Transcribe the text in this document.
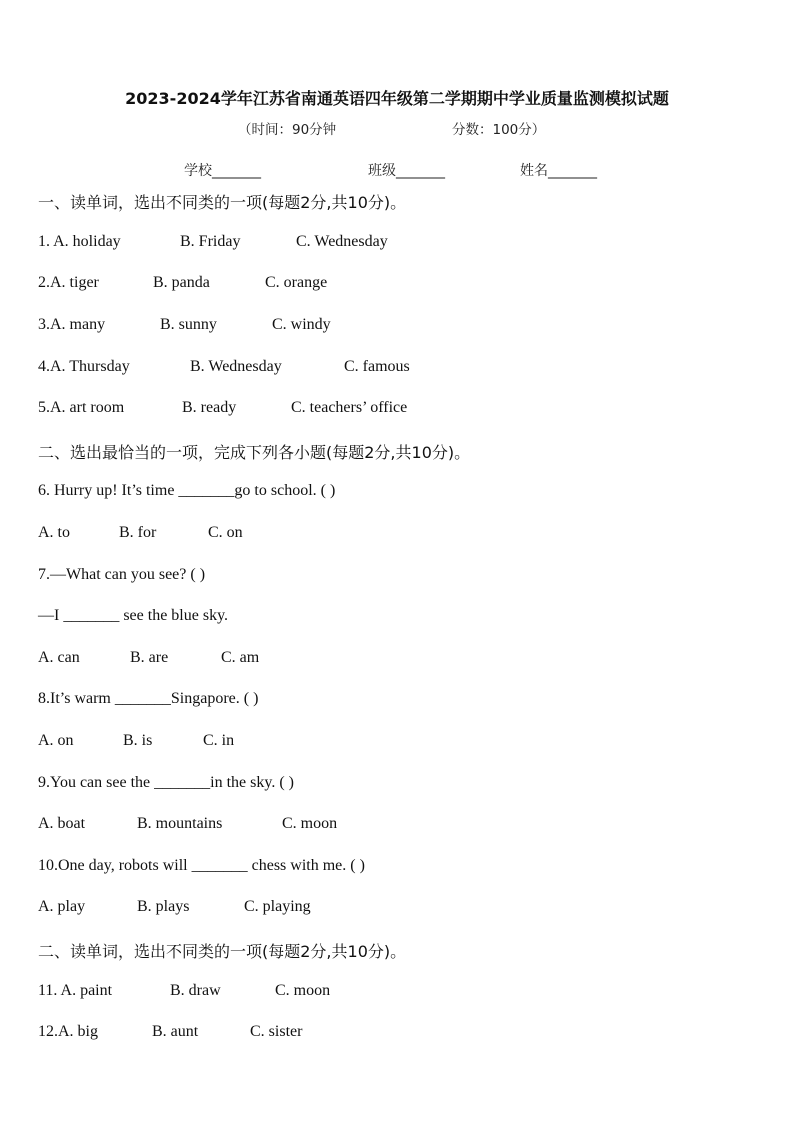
2023-2024学年江苏省南通英语四年级第二学期期中学业质量监测模拟试题
（时间：90分钟	分数：100分）
学校_______	班级_______	姓名_______
一、读单词，选出不同类的一项(每题2分,共10分)。
1. A. holiday	B. Friday	C. Wednesday
2.A. tiger	B. panda	C. orange
3.A. many	B. sunny	C. windy
4.A. Thursday	B. Wednesday	C. famous
5.A. art room	B. ready	C. teachers’ office
二、选出最恰当的一项，完成下列各小题(每题2分,共10分)。
6. Hurry up! It’s time _______go to school. ( )
A. to	B. for	C. on
7.—What can you see? ( )
—I _______ see the blue sky.
A. can	B. are	C. am
8.It’s warm _______Singapore. ( )
A. on	B. is	C. in
9.You can see the _______in the sky. ( )
A. boat	B. mountains	C. moon
10.One day, robots will _______ chess with me. ( )
A. play	B. plays	C. playing
二、读单词，选出不同类的一项(每题2分,共10分)。
11. A. paint	B. draw	C. moon
12.A. big	B. aunt	C. sister
